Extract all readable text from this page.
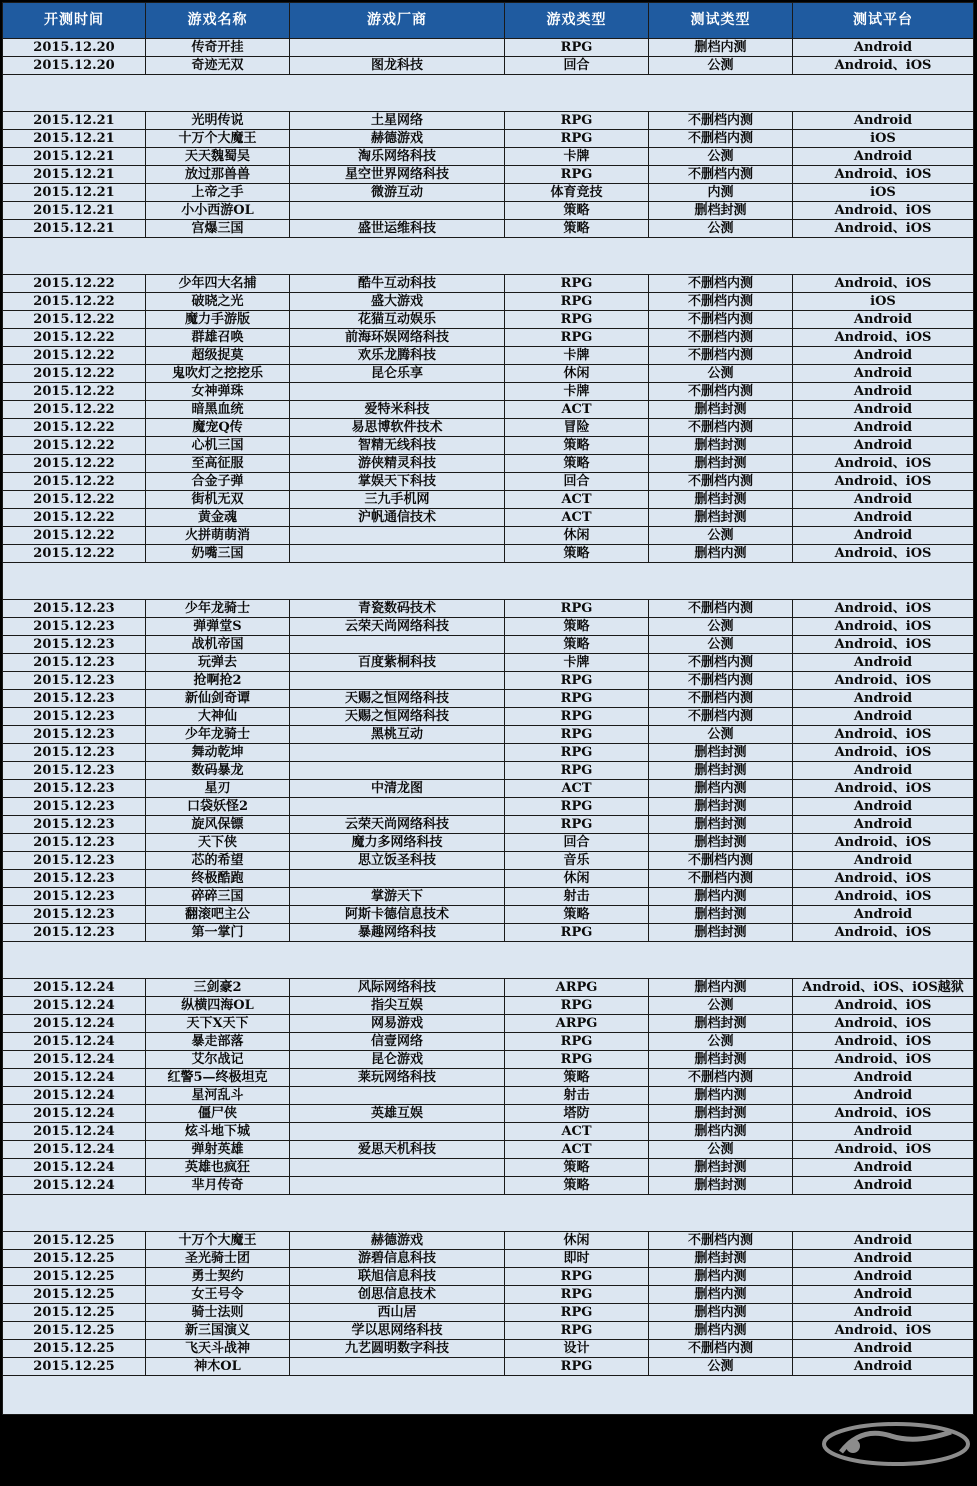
开测时间	游戏名称	游戏厂商	游戏类型	测试类型	测试平台
2015.12.20	传奇开挂		RPG	删档内测	Android
2015.12.20	奇迹无双	图龙科技	回合	公测	Android、iOS

2015.12.21	光明传说	土星网络	RPG	不删档内测	Android
2015.12.21	十万个大魔王	赫德游戏	RPG	不删档内测	iOS
2015.12.21	天天魏蜀吴	淘乐网络科技	卡牌	公测	Android
2015.12.21	放过那兽兽	星空世界网络科技	RPG	不删档内测	Android、iOS
2015.12.21	上帝之手	微游互动	体育竞技	内测	iOS
2015.12.21	小小西游OL		策略	删档封测	Android、iOS
2015.12.21	宫爆三国	盛世运维科技	策略	公测	Android、iOS

2015.12.22	少年四大名捕	酷牛互动科技	RPG	不删档内测	Android、iOS
2015.12.22	破晓之光	盛大游戏	RPG	不删档内测	iOS
2015.12.22	魔力手游版	花猫互动娱乐	RPG	不删档内测	Android
2015.12.22	群雄召唤	前海环娱网络科技	RPG	不删档内测	Android、iOS
2015.12.22	超级捉莫	欢乐龙腾科技	卡牌	不删档内测	Android
2015.12.22	鬼吹灯之挖挖乐	昆仑乐享	休闲	公测	Android
2015.12.22	女神弹珠		卡牌	不删档内测	Android
2015.12.22	暗黑血统	爱特米科技	ACT	删档封测	Android
2015.12.22	魔宠Q传	易思博软件技术	冒险	不删档内测	Android
2015.12.22	心机三国	智精无线科技	策略	删档封测	Android
2015.12.22	至高征服	游侠精灵科技	策略	删档封测	Android、iOS
2015.12.22	合金子弹	掌娱天下科技	回合	不删档内测	Android、iOS
2015.12.22	街机无双	三九手机网	ACT	删档封测	Android
2015.12.22	黄金魂	沪帆通信技术	ACT	删档封测	Android
2015.12.22	火拼萌萌消		休闲	公测	Android
2015.12.22	奶嘴三国		策略	删档内测	Android、iOS

2015.12.23	少年龙骑士	青瓷数码技术	RPG	不删档内测	Android、iOS
2015.12.23	弹弹堂S	云荣天尚网络科技	策略	公测	Android、iOS
2015.12.23	战机帝国		策略	公测	Android、iOS
2015.12.23	玩弹去	百度紫桐科技	卡牌	不删档内测	Android
2015.12.23	抢啊抢2		RPG	不删档内测	Android、iOS
2015.12.23	新仙剑奇谭	天赐之恒网络科技	RPG	不删档内测	Android
2015.12.23	大神仙	天赐之恒网络科技	RPG	不删档内测	Android
2015.12.23	少年龙骑士	黑桃互动	RPG	公测	Android、iOS
2015.12.23	舞动乾坤		RPG	删档封测	Android、iOS
2015.12.23	数码暴龙		RPG	删档封测	Android
2015.12.23	星刃	中清龙图	ACT	删档内测	Android、iOS
2015.12.23	口袋妖怪2		RPG	删档封测	Android
2015.12.23	旋风保镖	云荣天尚网络科技	RPG	删档封测	Android
2015.12.23	天下侠	魔力多网络科技	回合	删档封测	Android、iOS
2015.12.23	芯的希望	思立饭圣科技	音乐	不删档内测	Android
2015.12.23	终极酷跑		休闲	不删档内测	Android、iOS
2015.12.23	碎碎三国	掌游天下	射击	删档内测	Android、iOS
2015.12.23	翻滚吧主公	阿斯卡德信息技术	策略	删档封测	Android
2015.12.23	第一掌门	暴趣网络科技	RPG	删档封测	Android、iOS

2015.12.24	三剑豪2	风际网络科技	ARPG	删档内测	Android、iOS、iOS越狱
2015.12.24	纵横四海OL	指尖互娱	RPG	公测	Android、iOS
2015.12.24	天下X天下	网易游戏	ARPG	删档封测	Android、iOS
2015.12.24	暴走部落	信壹网络	RPG	公测	Android、iOS
2015.12.24	艾尔战记	昆仑游戏	RPG	删档封测	Android、iOS
2015.12.24	红警5—终极坦克	莱玩网络科技	策略	不删档内测	Android
2015.12.24	星河乱斗		射击	删档内测	Android
2015.12.24	僵尸侠	英雄互娱	塔防	删档封测	Android、iOS
2015.12.24	炫斗地下城		ACT	删档内测	Android
2015.12.24	弹射英雄	爱思天机科技	ACT	公测	Android、iOS
2015.12.24	英雄也疯狂		策略	删档封测	Android
2015.12.24	芈月传奇		策略	删档封测	Android

2015.12.25	十万个大魔王	赫德游戏	休闲	不删档内测	Android
2015.12.25	圣光骑士团	游碧信息科技	即时	删档封测	Android
2015.12.25	勇士契约	联旭信息科技	RPG	删档内测	Android
2015.12.25	女王号令	创思信息技术	RPG	删档内测	Android
2015.12.25	骑士法则	西山居	RPG	删档内测	Android
2015.12.25	新三国演义	学以思网络科技	RPG	删档内测	Android、iOS
2015.12.25	飞天斗战神	九艺圆明数字科技	设计	不删档内测	Android
2015.12.25	神木OL		RPG	公测	Android
